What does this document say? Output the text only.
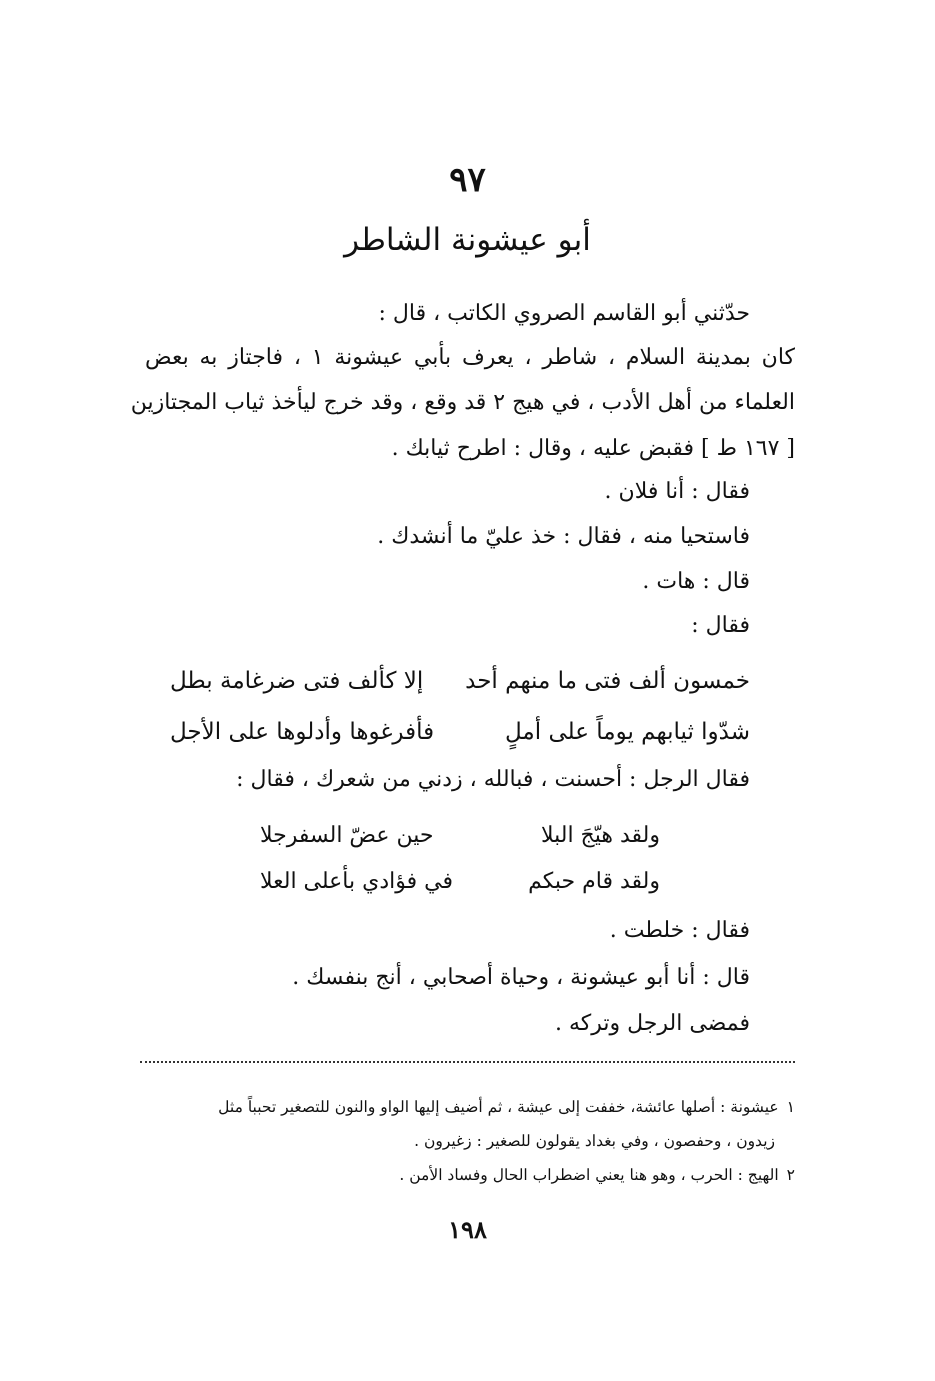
٩٧
أبو عيشونة الشاطر
حدّثني أبو القاسم الصروي الكاتب ، قال :
كان بمدينة السلام ، شاطر ، يعرف بأبي عيشونة ١ ، فاجتاز به بعض
العلماء من أهل الأدب ، في هيج ٢ قد وقع ، وقد خرج ليأخذ ثياب المجتازين
[ ١٦٧ ط ] فقبض عليه ، وقال : اطرح ثيابك .
فقال : أنا فلان .
فاستحيا منه ، فقال : خذ عليّ ما أنشدك .
قال : هات .
فقال :
خمسون ألف فتى ما منهم أحد
إلا كألف فتى ضرغامة بطل
شدّوا ثيابهم يوماً على أملٍ
فأفرغوها وأدلوها على الأجل
فقال الرجل : أحسنت ، فبالله ، زدني من شعرك ، فقال :
ولقد هيّجَ البلا
حين عضّ السفرجلا
ولقد قام حبكم
في فؤادي بأعلى العلا
فقال : خلطت .
قال : أنا أبو عيشونة ، وحياة أصحابي ، أنج بنفسك .
فمضى الرجل وتركه .
١عيشونة : أصلها عائشة، خففت إلى عيشة ، ثم أضيف إليها الواو والنون للتصغير تحبباً مثل
زيدون ، وحفصون ، وفي بغداد يقولون للصغير : زغيرون .
٢الهيج : الحرب ، وهو هنا يعني اضطراب الحال وفساد الأمن .
١٩٨
